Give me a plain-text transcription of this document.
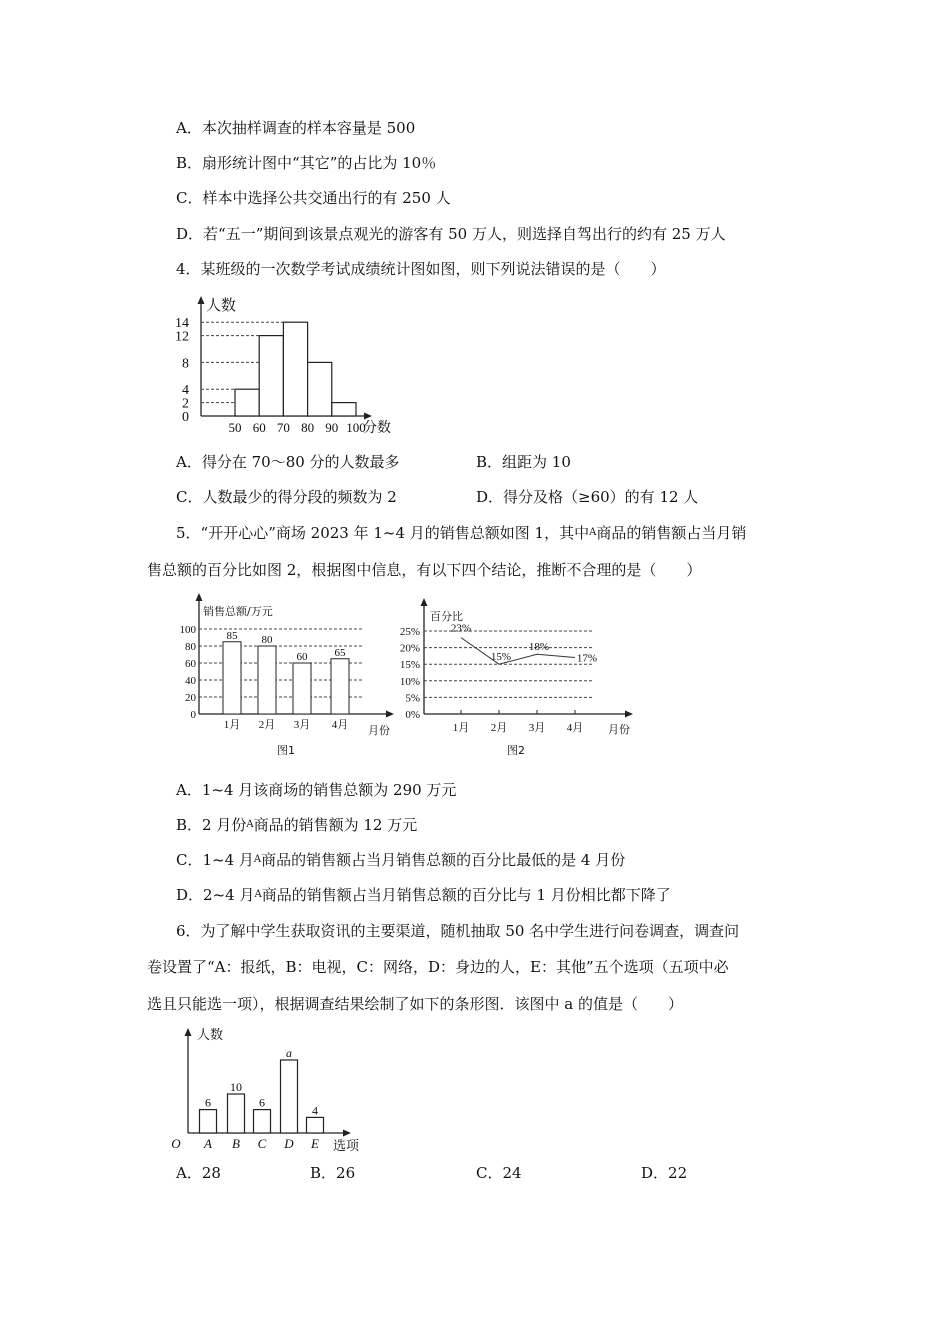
A．本次抽样调查的样本容量是 500
B．扇形统计图中“其它”的占比为 10％
C．样本中选择公共交通出行的有 250 人
D．若“五一”期间到该景点观光的游客有 50 万人，则选择自驾出行的约有 25 万人
4．某班级的一次数学考试成绩统计图如图，则下列说法错误的是（　　）
0
2
4
8
12
14
50 60 70 80 90 100
人数
分数
A．得分在 70～80 分的人数最多	B．组距为 10
C．人数最少的得分段的频数为 2	D．得分及格（≥60）的有 12 人
5．“开开心心”商场 2023 年 1~4 月的销售总额如图 1，其中$^A$商品的销售额占当月销
售总额的百分比如图 2，根据图中信息，有以下四个结论，推断不合理的是（　　）
0
20
40
60
80
100	85
1月
80
2月
60
3月
65
4月
销售总额/万元
月份
图1
0%
5%
10%
15%
20%
25%	23%
1月
15%
2月
18%
3月
17%
4月
百分比
月份
图2
A．1~4 月该商场的销售总额为 290 万元
B．2 月份$^A$商品的销售额为 12 万元
C．1~4 月$^A$商品的销售额占当月销售总额的百分比最低的是 4 月份
D．2~4 月$^A$商品的销售额占当月销售总额的百分比与 1 月份相比都下降了
6．为了解中学生获取资讯的主要渠道，随机抽取 50 名中学生进行问卷调查，调查问
卷设置了“A：报纸，B：电视，C：网络，D：身边的人，E：其他”五个选项（五项中必
选且只能选一项），根据调查结果绘制了如下的条形图．该图中 a 的值是（　　）
6
A
10
B
6
C
a
D
4
E
O
人数
选项
A．28	B．26	C．24	D．22
